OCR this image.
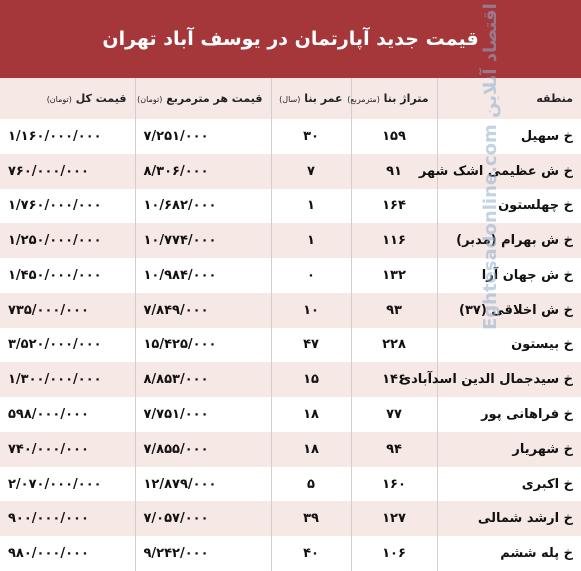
قیمت جدید آپارتمان در یوسف آباد تهران
منطقه	متراژ بنا (مترمربع)	عمر بنا (سال)	قیمت هر مترمربع (تومان)	قیمت کل (تومان)
خ سهیل	۱۵۹	۳۰	۷/۲۵۱/۰۰۰	۱/۱۶۰/۰۰۰/۰۰۰
خ ش عظیمی اشک شهر	۹۱	۷	۸/۳۰۶/۰۰۰	۷۶۰/۰۰۰/۰۰۰
خ چهلستون	۱۶۴	۱	۱۰/۶۸۲/۰۰۰	۱/۷۶۰/۰۰۰/۰۰۰
خ ش بهرام (مدبر)	۱۱۶	۱	۱۰/۷۷۴/۰۰۰	۱/۲۵۰/۰۰۰/۰۰۰
خ ش جهان آرا	۱۳۲	۰	۱۰/۹۸۴/۰۰۰	۱/۴۵۰/۰۰۰/۰۰۰
خ ش اخلاقی (۳۷)	۹۳	۱۰	۷/۸۴۹/۰۰۰	۷۳۵/۰۰۰/۰۰۰
خ بیستون	۲۲۸	۴۷	۱۵/۴۲۵/۰۰۰	۳/۵۲۰/۰۰۰/۰۰۰
خ سیدجمال الدین اسدآبادی	۱۴۶	۱۵	۸/۸۵۳/۰۰۰	۱/۳۰۰/۰۰۰/۰۰۰
خ فراهانی پور	۷۷	۱۸	۷/۷۵۱/۰۰۰	۵۹۸/۰۰۰/۰۰۰
خ شهریار	۹۴	۱۸	۷/۸۵۵/۰۰۰	۷۴۰/۰۰۰/۰۰۰
خ اکبری	۱۶۰	۵	۱۲/۸۷۹/۰۰۰	۲/۰۷۰/۰۰۰/۰۰۰
خ ارشد شمالی	۱۲۷	۳۹	۷/۰۵۷/۰۰۰	۹۰۰/۰۰۰/۰۰۰
خ پله ششم	۱۰۶	۴۰	۹/۲۴۲/۰۰۰	۹۸۰/۰۰۰/۰۰۰
Eghtesadonline.com اقتصاد آنلاین
